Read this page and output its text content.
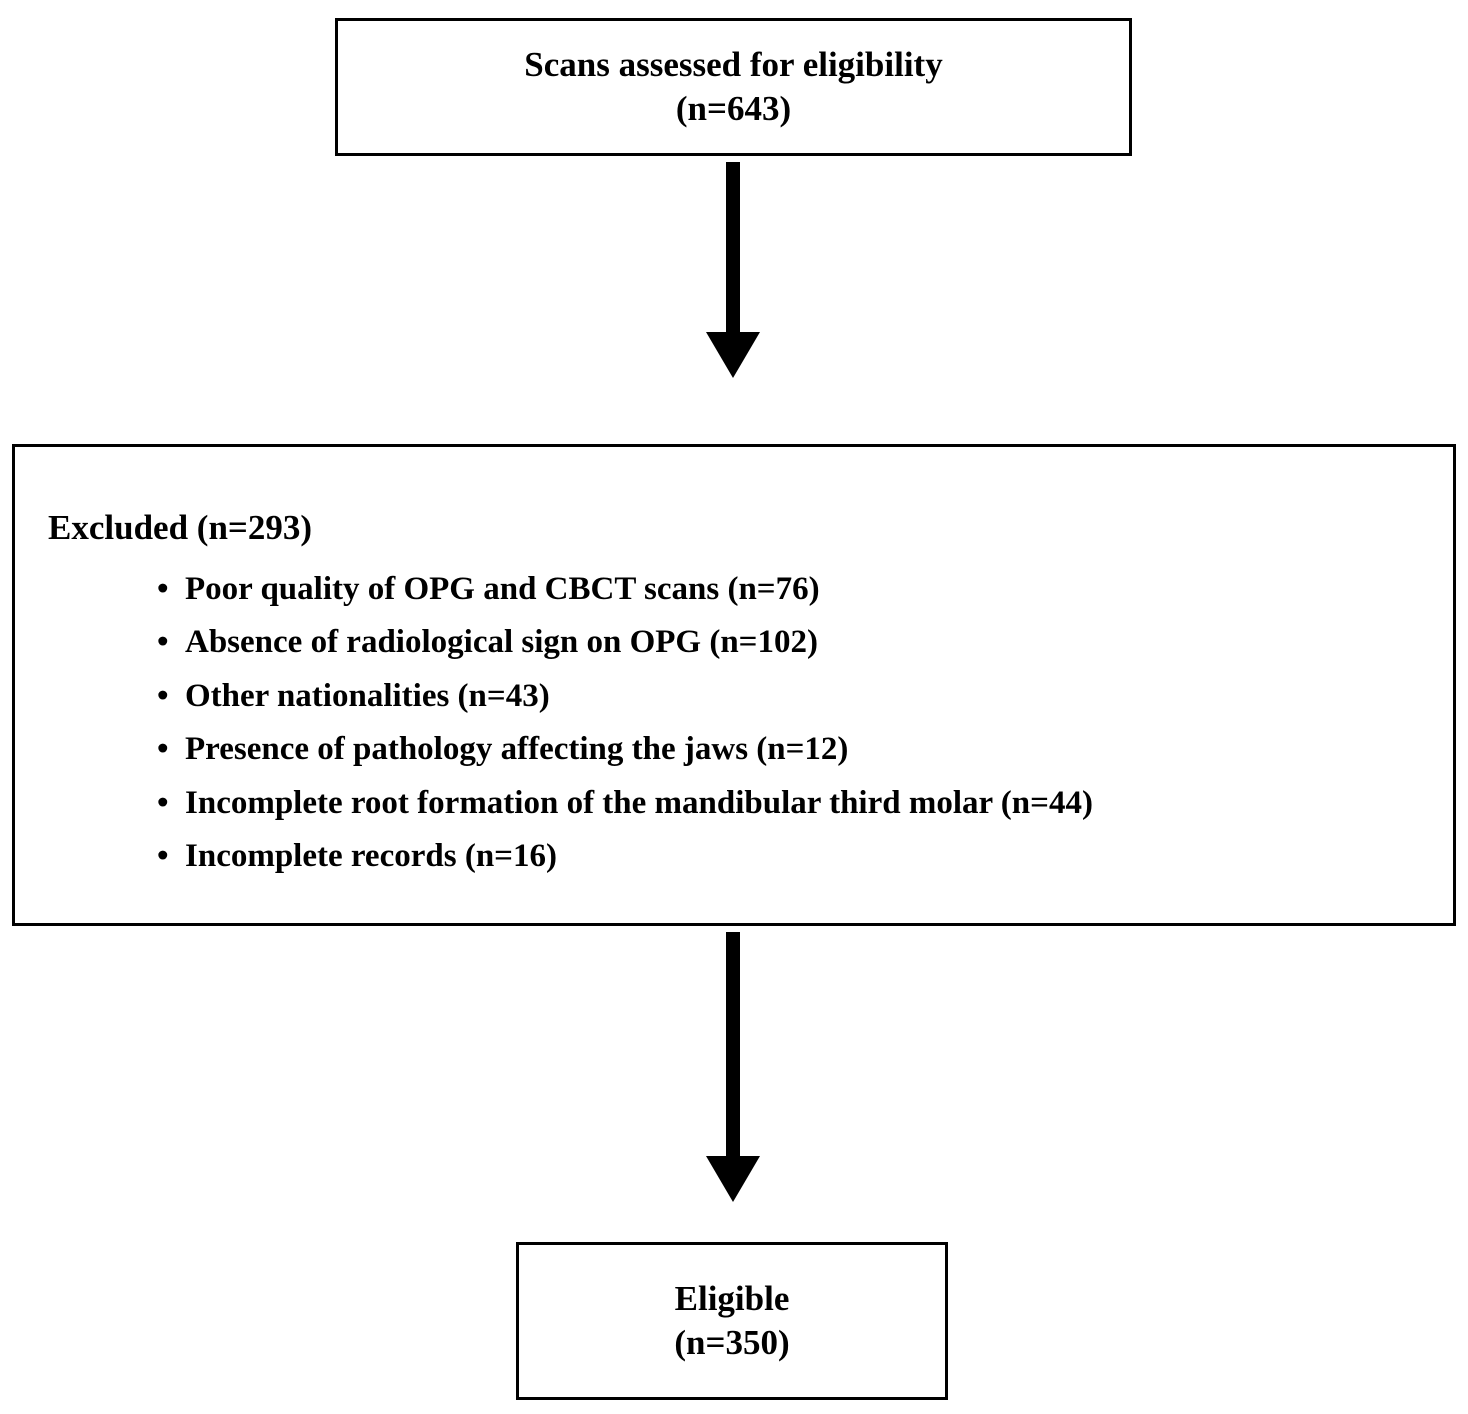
Scans assessed for eligibility
(n=643)
Excluded (n=293)
• Poor quality of OPG and CBCT scans (n=76)
• Absence of radiological sign on OPG (n=102)
• Other nationalities (n=43)
• Presence of pathology affecting the jaws (n=12)
• Incomplete root formation of the mandibular third molar (n=44)
• Incomplete records (n=16)
Eligible
(n=350)
